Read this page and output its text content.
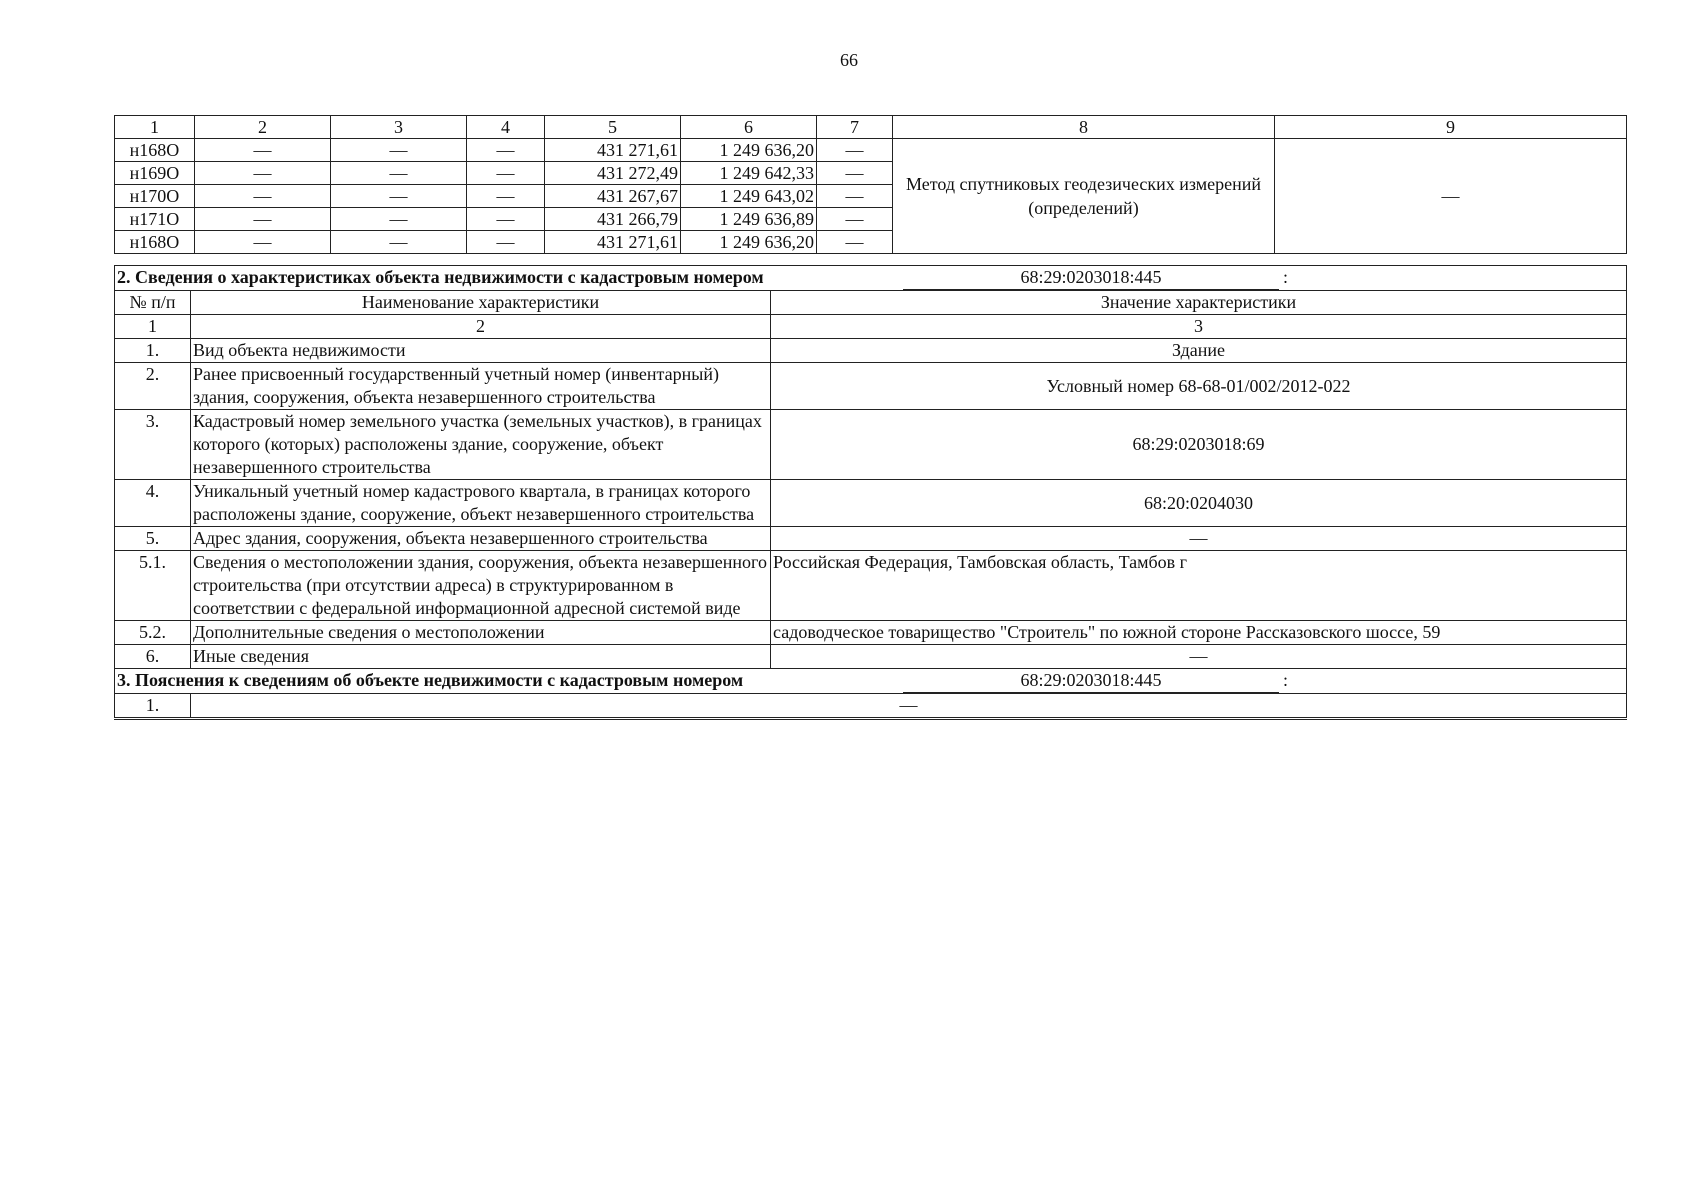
66
1	2	3	4	5	6	7	8	9
н168О	—	—	—	431 271,61	1 249 636,20	—	Метод спутниковых геодезических измерений (определений)	—
н169О	—	—	—	431 272,49	1 249 642,33	—		
н170О	—	—	—	431 267,67	1 249 643,02	—		
н171О	—	—	—	431 266,79	1 249 636,89	—		
н168О	—	—	—	431 271,61	1 249 636,20	—		
2. Сведения о характеристиках объекта недвижимости с кадастровым номером 68:29:0203018:445 :		

№ п/п	Наименование характеристики	Значение характеристики
1	2	3
1.	Вид объекта недвижимости	Здание
2.	Ранее присвоенный государственный учетный номер (инвентарный) здания, сооружения, объекта незавершенного строительства	Условный номер 68-68-01/002/2012-022
3.	Кадастровый номер земельного участка (земельных участков), в границах которого (которых) расположены здание, сооружение, объект незавершенного строительства	68:29:0203018:69
4.	Уникальный учетный номер кадастрового квартала, в границах которого расположены здание, сооружение, объект незавершенного строительства	68:20:0204030
5.	Адрес здания, сооружения, объекта незавершенного строительства	—
5.1.	Сведения о местоположении здания, сооружения, объекта незавершенного строительства (при отсутствии адреса) в структурированном в соответствии с федеральной информационной адресной системой виде	Российская Федерация, Тамбовская область, Тамбов г
5.2.	Дополнительные сведения о местоположении	садоводческое товарищество "Строитель" по южной стороне Рассказовского шоссе, 59
6.	Иные сведения	—

3. Пояснения к сведениям об объекте недвижимости с кадастровым номером 68:29:0203018:445 :		

1.	—	
